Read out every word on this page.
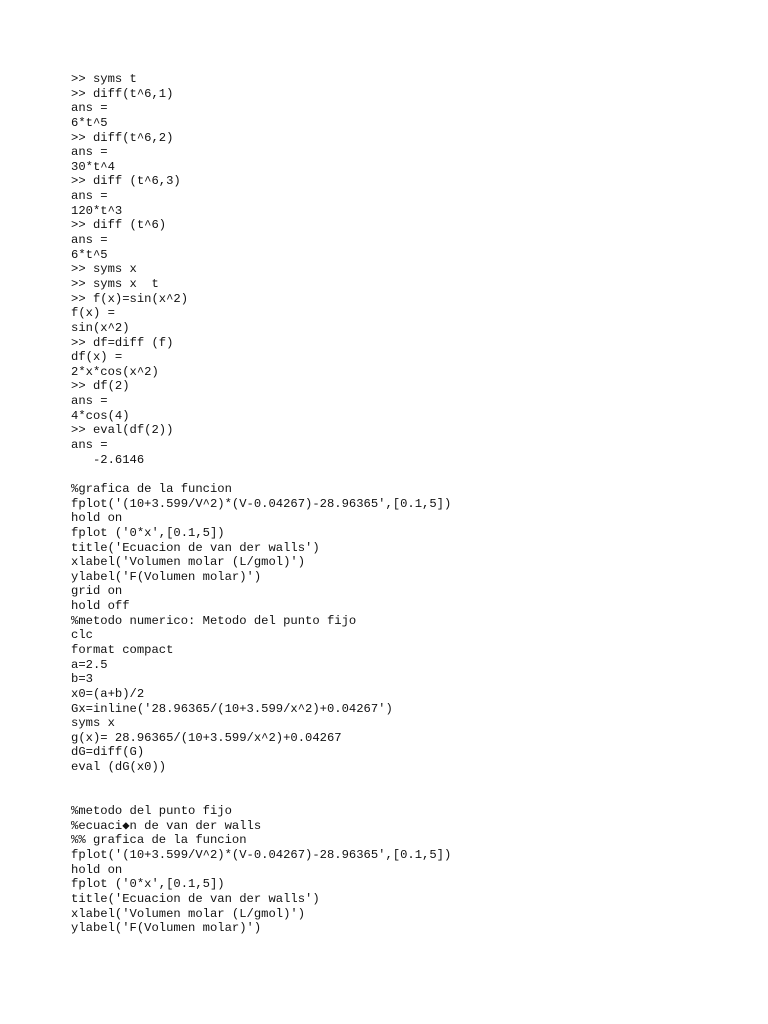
>> syms t
>> diff(t^6,1)
ans =
6*t^5
>> diff(t^6,2)
ans =
30*t^4
>> diff (t^6,3)
ans =
120*t^3
>> diff (t^6)
ans =
6*t^5
>> syms x
>> syms x  t
>> f(x)=sin(x^2)
f(x) =
sin(x^2)
>> df=diff (f)
df(x) =
2*x*cos(x^2)
>> df(2)
ans =
4*cos(4)
>> eval(df(2))
ans =
-2.6146
%grafica de la funcion
fplot('(10+3.599/V^2)*(V-0.04267)-28.96365',[0.1,5])
hold on
fplot ('0*x',[0.1,5])
title('Ecuacion de van der walls')
xlabel('Volumen molar (L/gmol)')
ylabel('F(Volumen molar)')
grid on
hold off
%metodo numerico: Metodo del punto fijo
clc
format compact
a=2.5
b=3
x0=(a+b)/2
Gx=inline('28.96365/(10+3.599/x^2)+0.04267')
syms x
g(x)= 28.96365/(10+3.599/x^2)+0.04267
dG=diff(G)
eval (dG(x0))
%metodo del punto fijo
%ecuaci◆n de van der walls
%% grafica de la funcion
fplot('(10+3.599/V^2)*(V-0.04267)-28.96365',[0.1,5])
hold on
fplot ('0*x',[0.1,5])
title('Ecuacion de van der walls')
xlabel('Volumen molar (L/gmol)')
ylabel('F(Volumen molar)')
